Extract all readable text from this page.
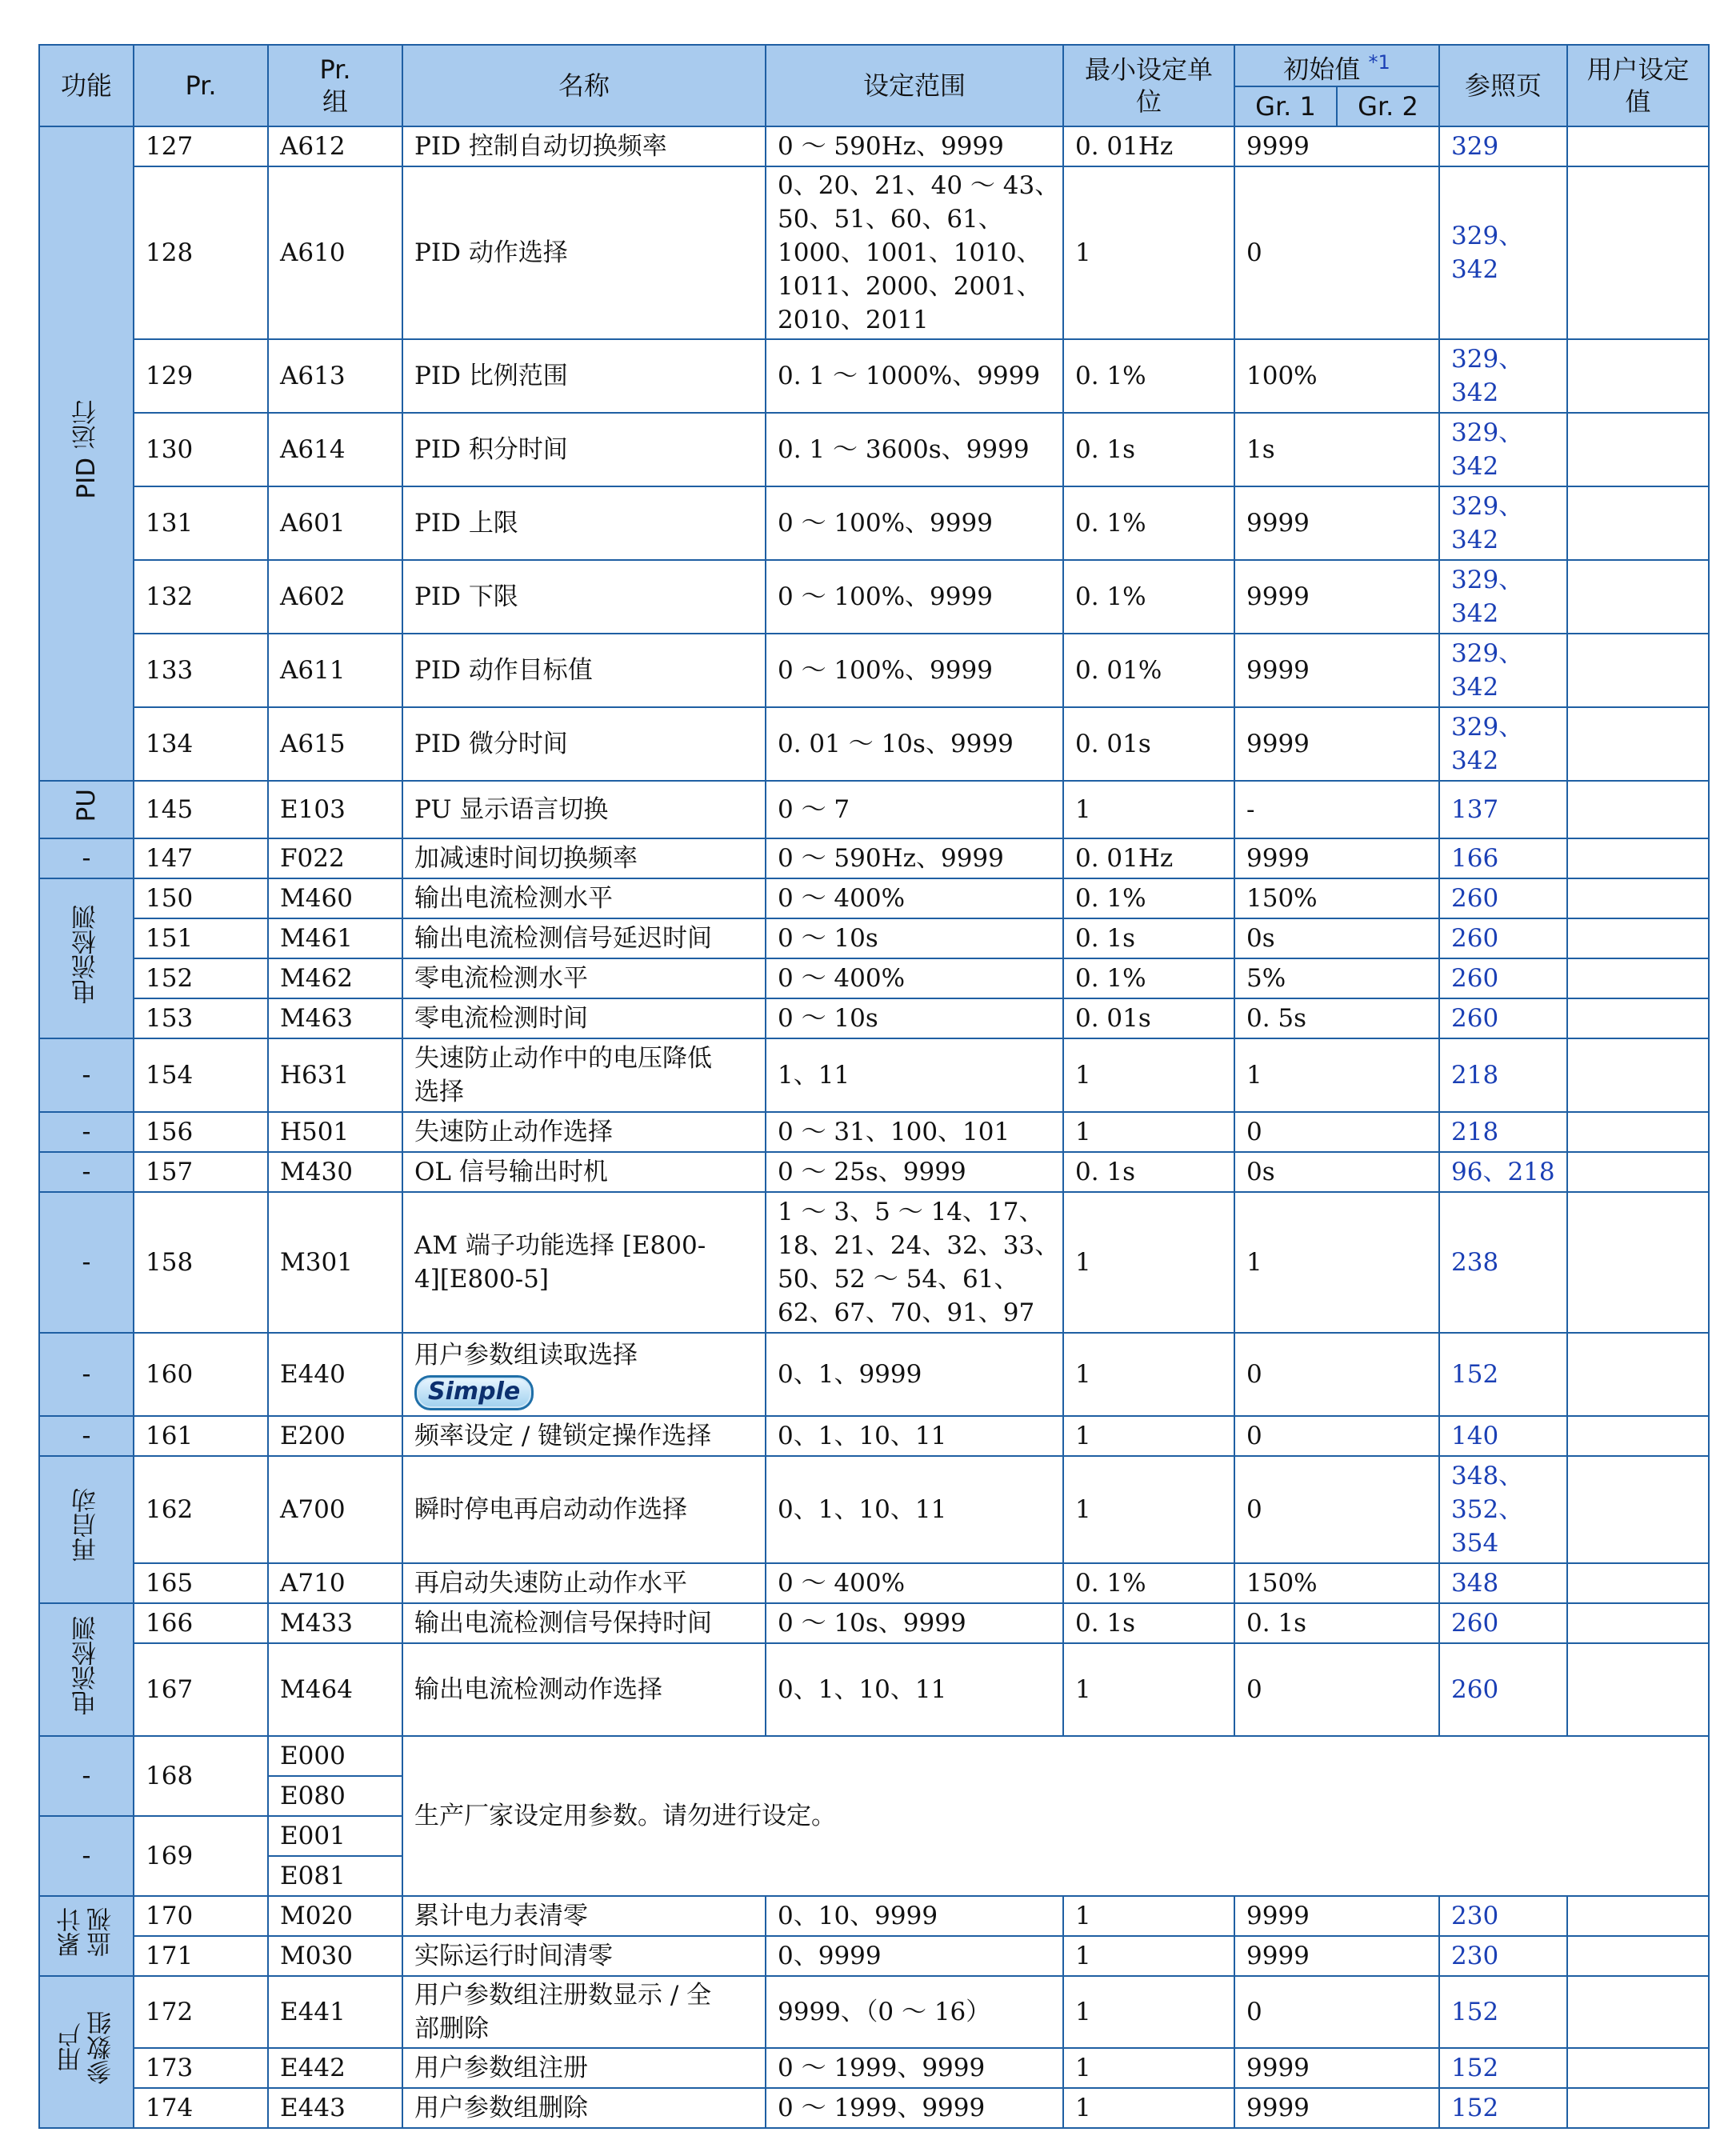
功能	Pr.	Pr.
组	名称	设定范围	最小设定单
位	初始值 $^{*1}$		参照页	用户设定
值
						Gr. 1	Gr. 2		
PID 运行	127	A612	PID 控制自动切换频率	0 ～ 590Hz、9999	0. 01Hz	9999		329	
	128	A610	PID 动作选择	0、20、21、40 ～ 43、
50、51、60、61、
1000、1001、1010、
1011、2000、2001、
2010、2011	1	0		329、
342	
	129	A613	PID 比例范围	0. 1 ～ 1000%、9999	0. 1%	100%		329、
342	
	130	A614	PID 积分时间	0. 1 ～ 3600s、9999	0. 1s	1s		329、
342	
	131	A601	PID 上限	0 ～ 100%、9999	0. 1%	9999		329、
342	
	132	A602	PID 下限	0 ～ 100%、9999	0. 1%	9999		329、
342	
	133	A611	PID 动作目标值	0 ～ 100%、9999	0. 01%	9999		329、
342	
	134	A615	PID 微分时间	0. 01 ～ 10s、9999	0. 01s	9999		329、
342	
PU	145	E103	PU 显示语言切换	0 ～ 7	1	-		137	
-	147	F022	加减速时间切换频率	0 ～ 590Hz、9999	0. 01Hz	9999		166	
电流检测	150	M460	输出电流检测水平	0 ～ 400%	0. 1%	150%		260	
	151	M461	输出电流检测信号延迟时间	0 ～ 10s	0. 1s	0s		260	
	152	M462	零电流检测水平	0 ～ 400%	0. 1%	5%		260	
	153	M463	零电流检测时间	0 ～ 10s	0. 01s	0. 5s		260	
-	154	H631	失速防止动作中的电压降低
选择	1、11	1	1		218	
-	156	H501	失速防止动作选择	0 ～ 31、100、101	1	0		218	
-	157	M430	OL 信号输出时机	0 ～ 25s、9999	0. 1s	0s		96、218	
-	158	M301	AM 端子功能选择 [E800-
4][E800-5]	1 ～ 3、5 ～ 14、17、
18、21、24、32、33、
50、52 ～ 54、61、
62、67、70、91、97	1	1		238	
-	160	E440	用户参数组读取选择
Simple	0、1、9999	1	0		152	
-	161	E200	频率设定 / 键锁定操作选择	0、1、10、11	1	0		140	
再启动	162	A700	瞬时停电再启动动作选择	0、1、10、11	1	0		348、
352、
354	
	165	A710	再启动失速防止动作水平	0 ～ 400%	0. 1%	150%		348	
电流检测	166	M433	输出电流检测信号保持时间	0 ～ 10s、9999	0. 1s	0. 1s		260	
	167	M464	输出电流检测动作选择	0、1、10、11	1	0		260	
-	168	E000	生产厂家设定用参数。请勿进行设定。						
		E080							
-	169	E001							
		E081							
累计
监视	170	M020	累计电力表清零	0、10、9999	1	9999		230	
	171	M030	实际运行时间清零	0、9999	1	9999		230	
用户
参数组	172	E441	用户参数组注册数显示 / 全
部删除	9999、（0 ～ 16）	1	0		152	
	173	E442	用户参数组注册	0 ～ 1999、9999	1	9999		152	
	174	E443	用户参数组删除	0 ～ 1999、9999	1	9999		152	
